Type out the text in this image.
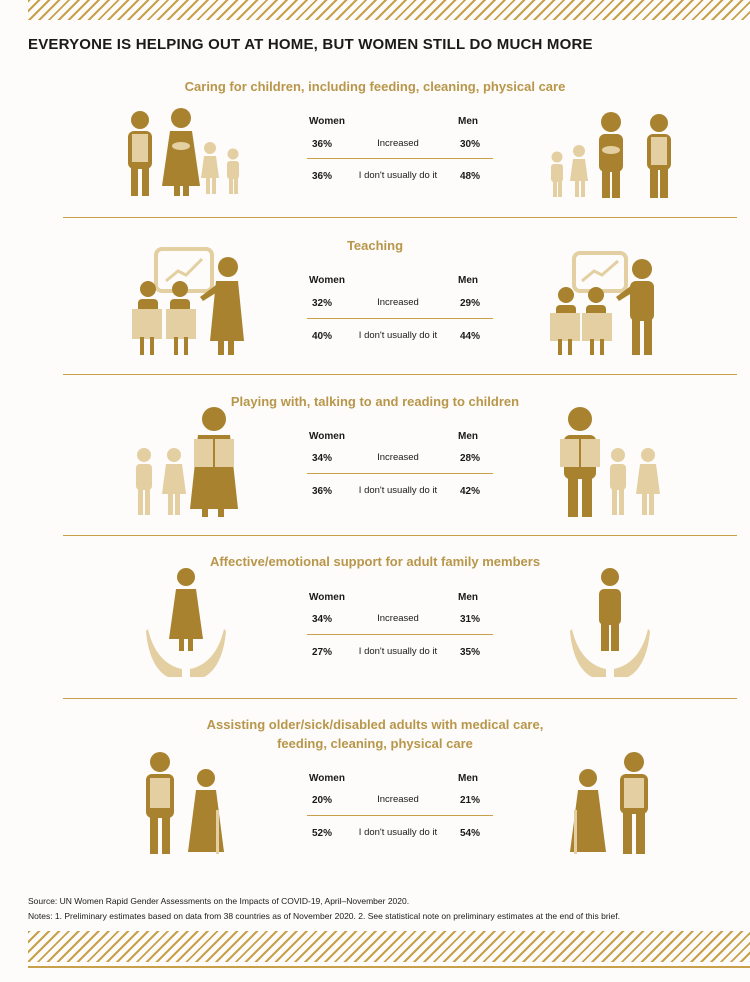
EVERYONE IS HELPING OUT AT HOME, BUT WOMEN STILL DO MUCH MORE
Caring for children, including feeding, cleaning, physical care
Women	Men
36%	Increased	30%
36%	I don't usually do it	48%
Teaching
Women	Men
32%	Increased	29%
40%	I don't usually do it	44%
Playing with, talking to and reading to children
Women	Men
34%	Increased	28%
36%	I don't usually do it	42%
Affective/emotional support for adult family members
Women	Men
34%	Increased	31%
27%	I don't usually do it	35%
Assisting older/sick/disabled adults with medical care,
feeding, cleaning, physical care
Women	Men
20%	Increased	21%
52%	I don't usually do it	54%
Source: UN Women Rapid Gender Assessments on the Impacts of COVID-19, April–November 2020.
Notes: 1. Preliminary estimates based on data from 38 countries as of November 2020. 2. See statistical note on preliminary estimates at the end of this brief.
